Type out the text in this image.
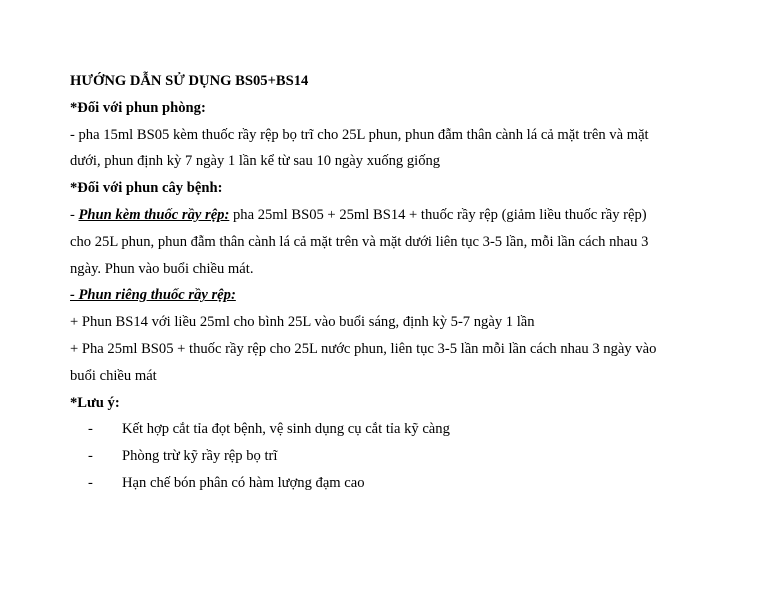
HƯỚNG DẪN SỬ DỤNG BS05+BS14
*Đối với phun phòng:
- pha 15ml BS05 kèm thuốc rầy rệp bọ trĩ cho 25L phun, phun đẫm thân cành lá cả mặt trên và mặt
dưới, phun định kỳ 7 ngày 1 lần kể từ sau 10 ngày xuống giống
*Đối với phun cây bệnh:
- Phun kèm thuốc rầy rệp: pha 25ml BS05 + 25ml BS14 + thuốc rầy rệp (giảm liều thuốc rầy rệp)
cho 25L phun, phun đẫm thân cành lá cả mặt trên và mặt dưới liên tục 3-5 lần, mỗi lần cách nhau 3
ngày. Phun vào buổi chiều mát.
- Phun riêng thuốc rầy rệp:
+ Phun BS14 với liều 25ml cho bình 25L vào buổi sáng, định kỳ 5-7 ngày 1 lần
+ Pha 25ml BS05 + thuốc rầy rệp cho 25L nước phun, liên tục 3-5 lần mỗi lần cách nhau 3 ngày vào
buổi chiều mát
*Lưu ý:
-	Kết hợp cắt tỉa đọt bệnh, vệ sinh dụng cụ cắt tỉa kỹ càng
-	Phòng trừ kỹ rầy rệp bọ trĩ
-	Hạn chế bón phân có hàm lượng đạm cao
